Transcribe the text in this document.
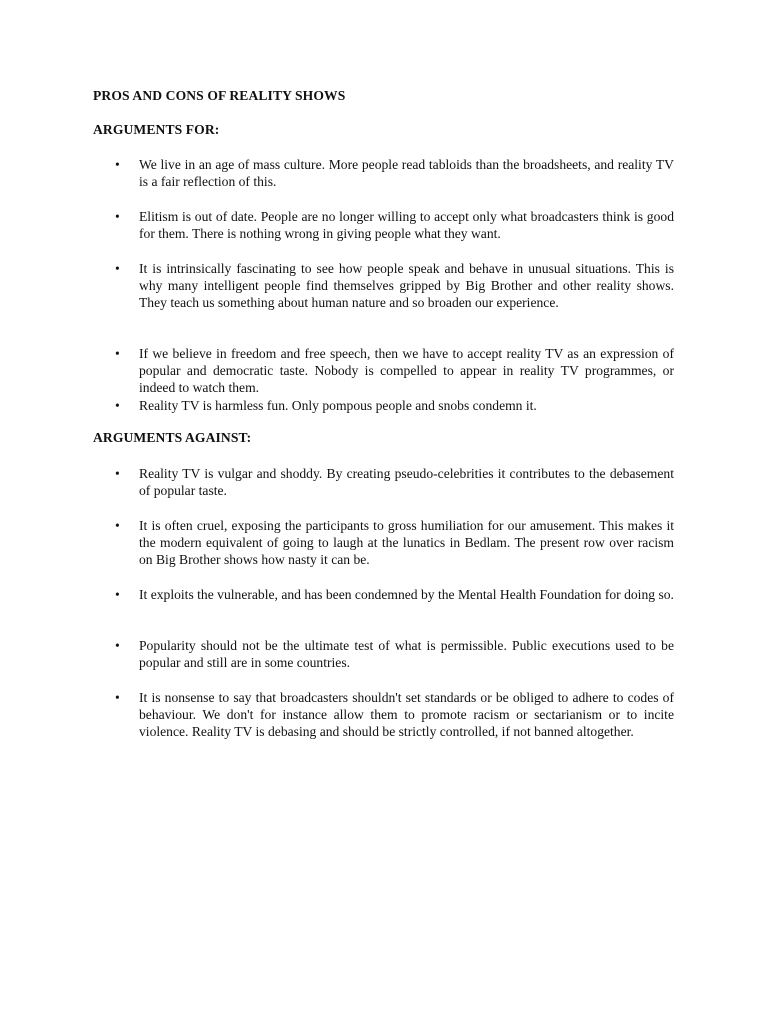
PROS AND CONS OF REALITY SHOWS
ARGUMENTS FOR:
• We live in an age of mass culture. More people read tabloids than the broadsheets, and reality TV is a fair reflection of this.

• Elitism is out of date. People are no longer willing to accept only what broadcasters think is good for them. There is nothing wrong in giving people what they want.

• It is intrinsically fascinating to see how people speak and behave in unusual situations. This is why many intelligent people find themselves gripped by Big Brother and other reality shows. They teach us something about human nature and so broaden our experience.

• If we believe in freedom and free speech, then we have to accept reality TV as an expression of popular and democratic taste. Nobody is compelled to appear in reality TV programmes, or indeed to watch them.

• Reality TV is harmless fun. Only pompous people and snobs condemn it.

ARGUMENTS AGAINST:
• Reality TV is vulgar and shoddy. By creating pseudo-celebrities it contributes to the debasement of popular taste.

• It is often cruel, exposing the participants to gross humiliation for our amusement. This makes it the modern equivalent of going to laugh at the lunatics in Bedlam. The present row over racism on Big Brother shows how nasty it can be.

• It exploits the vulnerable, and has been condemned by the Mental Health Foundation for doing so.

• Popularity should not be the ultimate test of what is permissible. Public executions used to be popular and still are in some countries.

• It is nonsense to say that broadcasters shouldn't set standards or be obliged to adhere to codes of behaviour. We don't for instance allow them to promote racism or sectarianism or to incite violence. Reality TV is debasing and should be strictly controlled, if not banned altogether.
